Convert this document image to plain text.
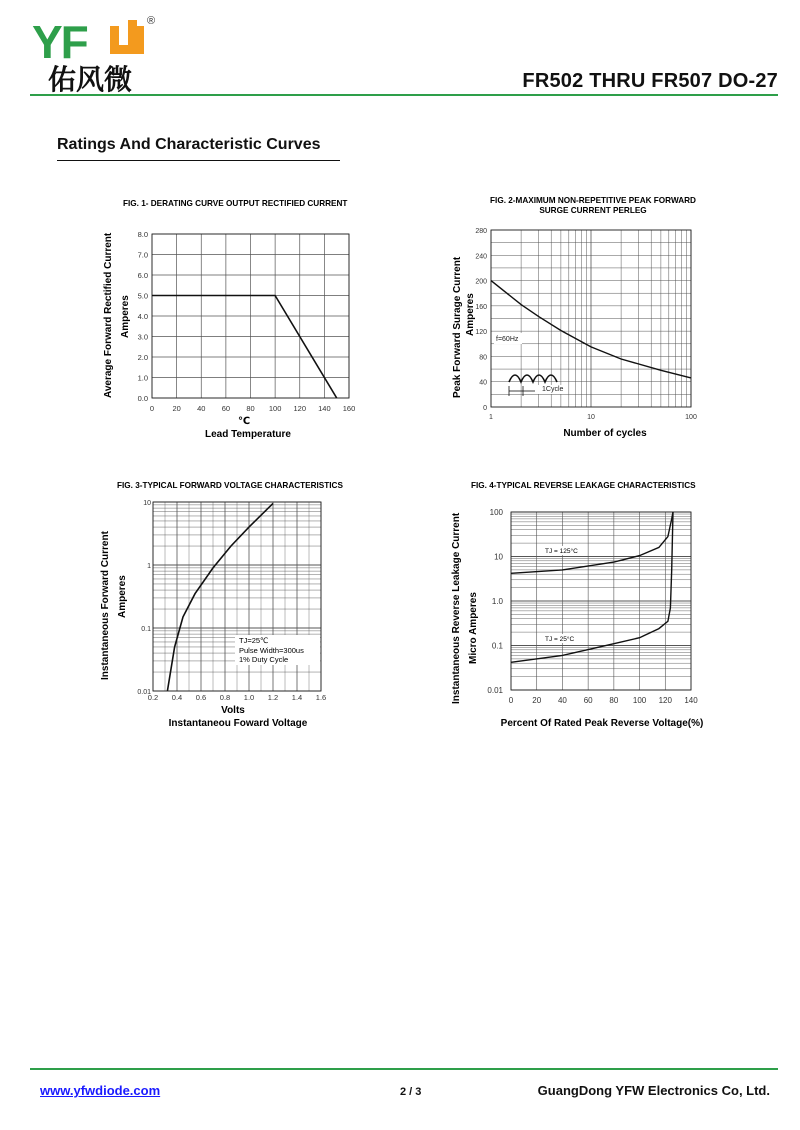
YF	®
佑风微	FR502 THRU FR507 DO-27
Ratings And Characteristic Curves
FIG. 1- DERATING CURVE OUTPUT RECTIFIED CURRENT
Average Forward Rectified Current Amperes
0 20 40 60 80 100 120 140 160
0.0
1.0
2.0
3.0
4.0
5.0
6.0
7.0
8.0
℃
Lead Temperature
FIG. 2-MAXIMUM NON-REPETITIVE PEAK FORWARD
SURGE CURRENT PERLEG
Peak Forward Surage Current Amperes
1	10	100
0
40
80
120
160
200
240
280
f=60Hz
1Cycle
Number of cycles
FIG. 3-TYPICAL FORWARD VOLTAGE CHARACTERISTICS
Instantaneous Forward Current Amperes
0.2 0.4 0.6 0.8 1.0 1.2 1.4 1.6
0.01
0.1
1
10
TJ=25℃
Pulse Width=300us
1% Duty Cycle
Volts
Instantaneou Foward Voltage
FIG. 4-TYPICAL REVERSE LEAKAGE CHARACTERISTICS
Instantaneous Reverse Leakage Current Micro Amperes
0 20 40 60 80 100 120 140
0.01
0.1
1.0
10
100
TJ = 125°C
TJ = 25°C
Percent Of Rated Peak Reverse Voltage(%)
www.yfwdiode.com	2 / 3	GuangDong YFW Electronics Co, Ltd.
